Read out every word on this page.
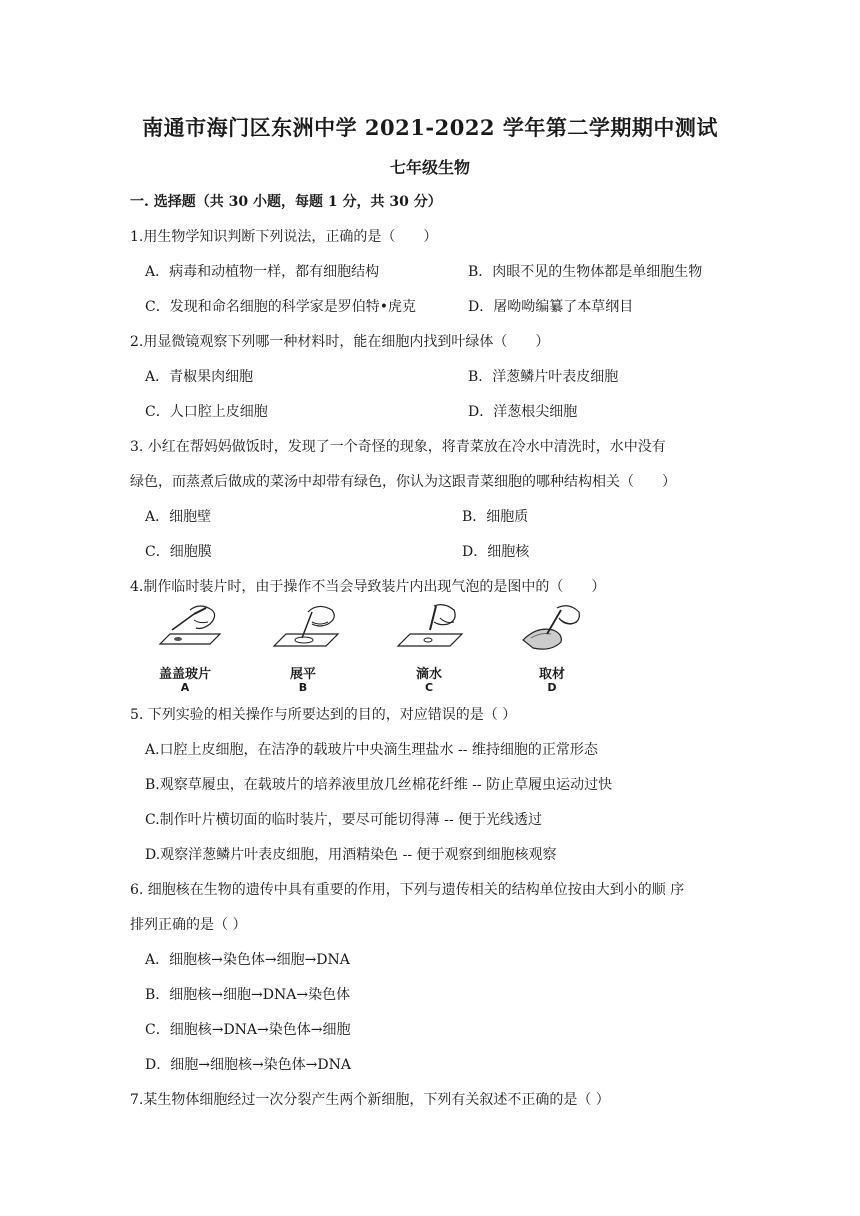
南通市海门区东洲中学 2021-2022 学年第二学期期中测试
七年级生物
一. 选择题（共 30 小题，每题 1 分，共 30 分）
1.用生物学知识判断下列说法，正确的是（　　）
A．病毒和动植物一样，都有细胞结构	B．肉眼不见的生物体都是单细胞生物
C．发现和命名细胞的科学家是罗伯特•虎克	D．屠呦呦编纂了本草纲目
2.用显微镜观察下列哪一种材料时，能在细胞内找到叶绿体（　　）
A．青椒果肉细胞	B．洋葱鳞片叶表皮细胞
C．人口腔上皮细胞	D．洋葱根尖细胞
3. 小红在帮妈妈做饭时，发现了一个奇怪的现象，将青菜放在冷水中清洗时，水中没有
绿色，而蒸煮后做成的菜汤中却带有绿色，你认为这跟青菜细胞的哪种结构相关（　　）
A．细胞壁	B．细胞质
C．细胞膜	D．细胞核
4.制作临时装片时，由于操作不当会导致装片内出现气泡的是图中的（　　）
盖盖玻片
A
展平
B
滴水
C
取材
D
5. 下列实验的相关操作与所要达到的目的，对应错误的是（ ）
A.口腔上皮细胞，在洁净的载玻片中央滴生理盐水 -- 维持细胞的正常形态
B.观察草履虫，在载玻片的培养液里放几丝棉花纤维 -- 防止草履虫运动过快
C.制作叶片横切面的临时装片，要尽可能切得薄 -- 便于光线透过
D.观察洋葱鳞片叶表皮细胞，用酒精染色 -- 便于观察到细胞核观察
6. 细胞核在生物的遗传中具有重要的作用，下列与遗传相关的结构单位按由大到小的顺 序
排列正确的是（ ）
A．细胞核→染色体→细胞→DNA
B．细胞核→细胞→DNA→染色体
C．细胞核→DNA→染色体→细胞
D．细胞→细胞核→染色体→DNA
7.某生物体细胞经过一次分裂产生两个新细胞，下列有关叙述不正确的是（ ）
